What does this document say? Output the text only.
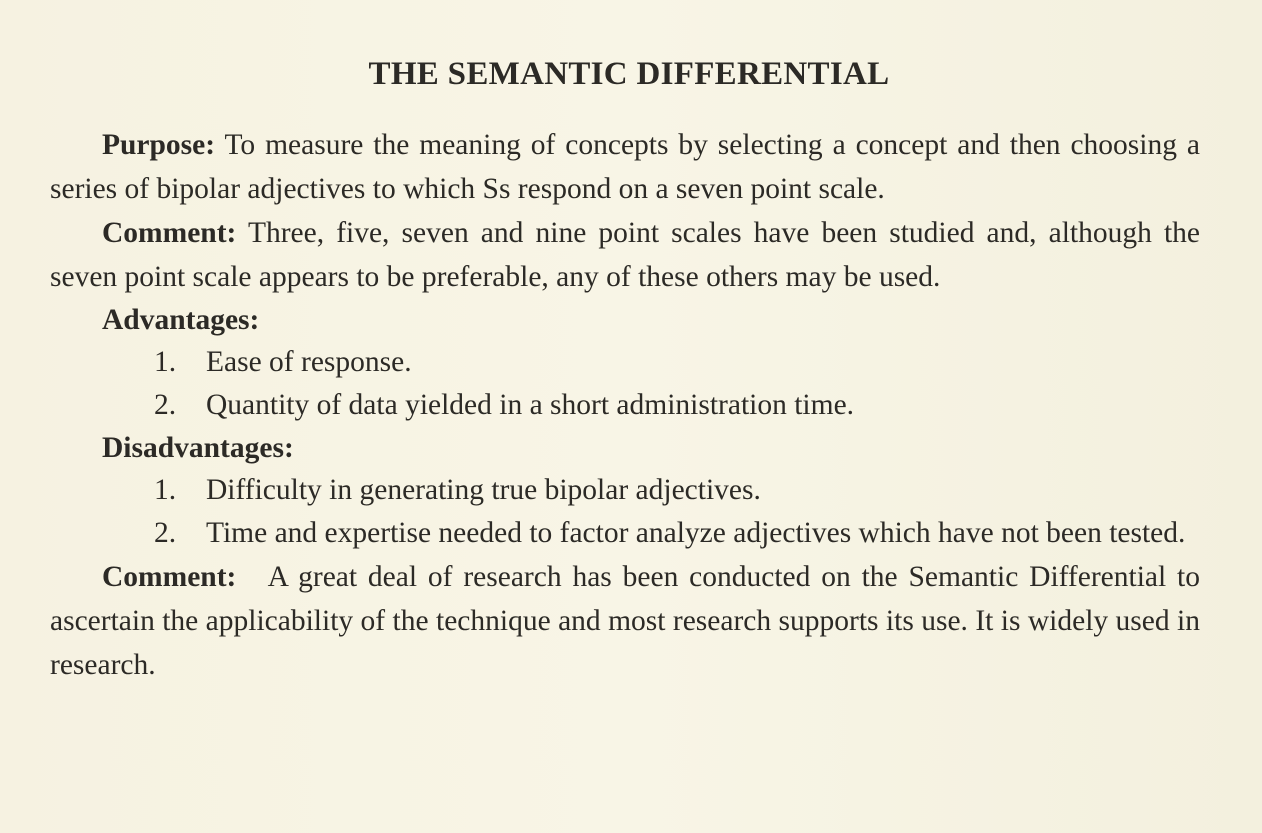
THE SEMANTIC DIFFERENTIAL

Purpose: To measure the meaning of concepts by selecting a concept and then choosing a series of bipolar adjectives to which Ss respond on a seven point scale.

Comment: Three, five, seven and nine point scales have been studied and, although the seven point scale appears to be preferable, any of these others may be used.

Advantages:
1. Ease of response.
2. Quantity of data yielded in a short administration time.
Disadvantages:
1. Difficulty in generating true bipolar adjectives.
2. Time and expertise needed to factor analyze adjectives which have not been tested.

Comment: A great deal of research has been conducted on the Semantic Differential to ascertain the applicability of the technique and most research supports its use. It is widely used in research.
